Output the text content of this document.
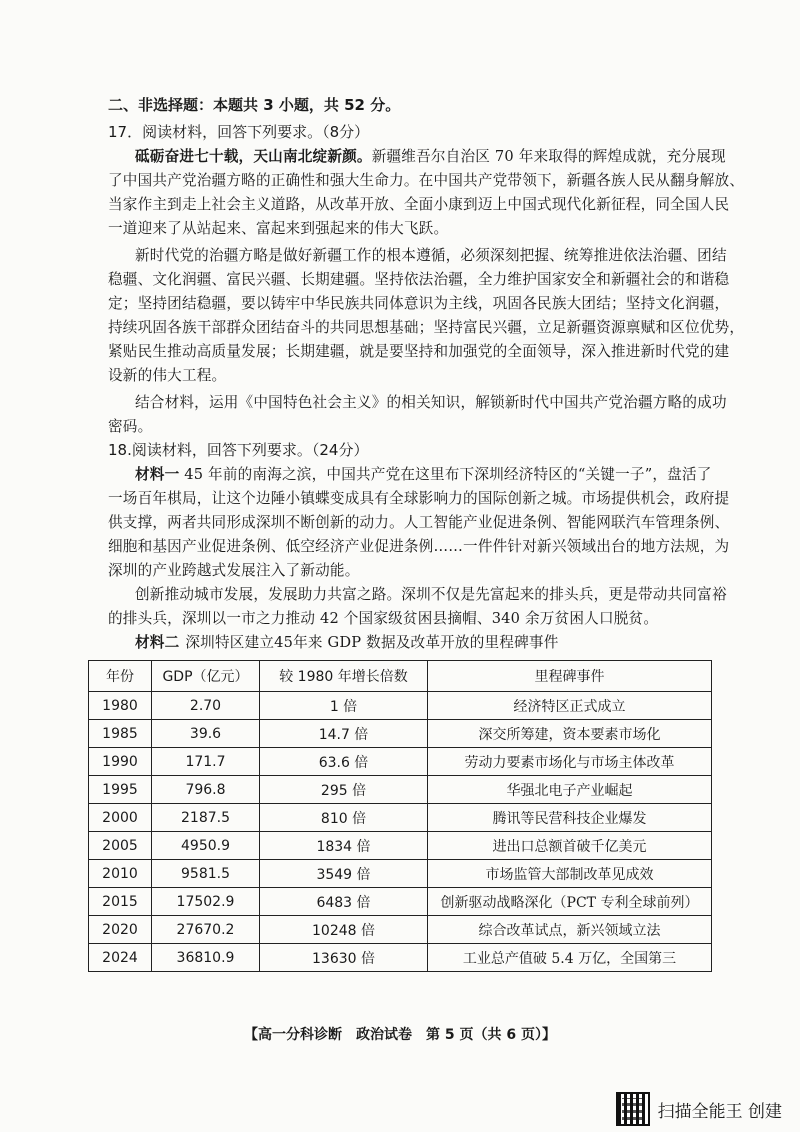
二、非选择题：本题共 3 小题，共 52 分。
17．阅读材料，回答下列要求。（8分）
砥砺奋进七十载，天山南北绽新颜。新疆维吾尔自治区 70 年来取得的辉煌成就，充分展现
了中国共产党治疆方略的正确性和强大生命力。在中国共产党带领下，新疆各族人民从翻身解放、
当家作主到走上社会主义道路，从改革开放、全面小康到迈上中国式现代化新征程，同全国人民
一道迎来了从站起来、富起来到强起来的伟大飞跃。
新时代党的治疆方略是做好新疆工作的根本遵循，必须深刻把握、统筹推进依法治疆、团结
稳疆、文化润疆、富民兴疆、长期建疆。坚持依法治疆，全力维护国家安全和新疆社会的和谐稳
定；坚持团结稳疆，要以铸牢中华民族共同体意识为主线，巩固各民族大团结；坚持文化润疆，
持续巩固各族干部群众团结奋斗的共同思想基础；坚持富民兴疆，立足新疆资源禀赋和区位优势，
紧贴民生推动高质量发展；长期建疆，就是要坚持和加强党的全面领导，深入推进新时代党的建
设新的伟大工程。
结合材料，运用《中国特色社会主义》的相关知识，解锁新时代中国共产党治疆方略的成功
密码。
18.阅读材料，回答下列要求。（24分）
材料一 45 年前的南海之滨，中国共产党在这里布下深圳经济特区的“关键一子”，盘活了
一场百年棋局，让这个边陲小镇蝶变成具有全球影响力的国际创新之城。市场提供机会，政府提
供支撑，两者共同形成深圳不断创新的动力。人工智能产业促进条例、智能网联汽车管理条例、
细胞和基因产业促进条例、低空经济产业促进条例……一件件针对新兴领域出台的地方法规，为
深圳的产业跨越式发展注入了新动能。
创新推动城市发展，发展助力共富之路。深圳不仅是先富起来的排头兵，更是带动共同富裕
的排头兵，深圳以一市之力推动 42 个国家级贫困县摘帽、340 余万贫困人口脱贫。
材料二 深圳特区建立45年来 GDP 数据及改革开放的里程碑事件
年份	GDP（亿元）	较 1980 年增长倍数	里程碑事件
1980	2.70	1 倍	经济特区正式成立
1985	39.6	14.7 倍	深交所筹建，资本要素市场化
1990	171.7	63.6 倍	劳动力要素市场化与市场主体改革
1995	796.8	295 倍	华强北电子产业崛起
2000	2187.5	810 倍	腾讯等民营科技企业爆发
2005	4950.9	1834 倍	进出口总额首破千亿美元
2010	9581.5	3549 倍	市场监管大部制改革见成效
2015	17502.9	6483 倍	创新驱动战略深化（PCT 专利全球前列）
2020	27670.2	10248 倍	综合改革试点，新兴领域立法
2024	36810.9	13630 倍	工业总产值破 5.4 万亿，全国第三
【高一分科诊断　政治试卷　第 5 页（共 6 页）】
扫描全能王 创建
